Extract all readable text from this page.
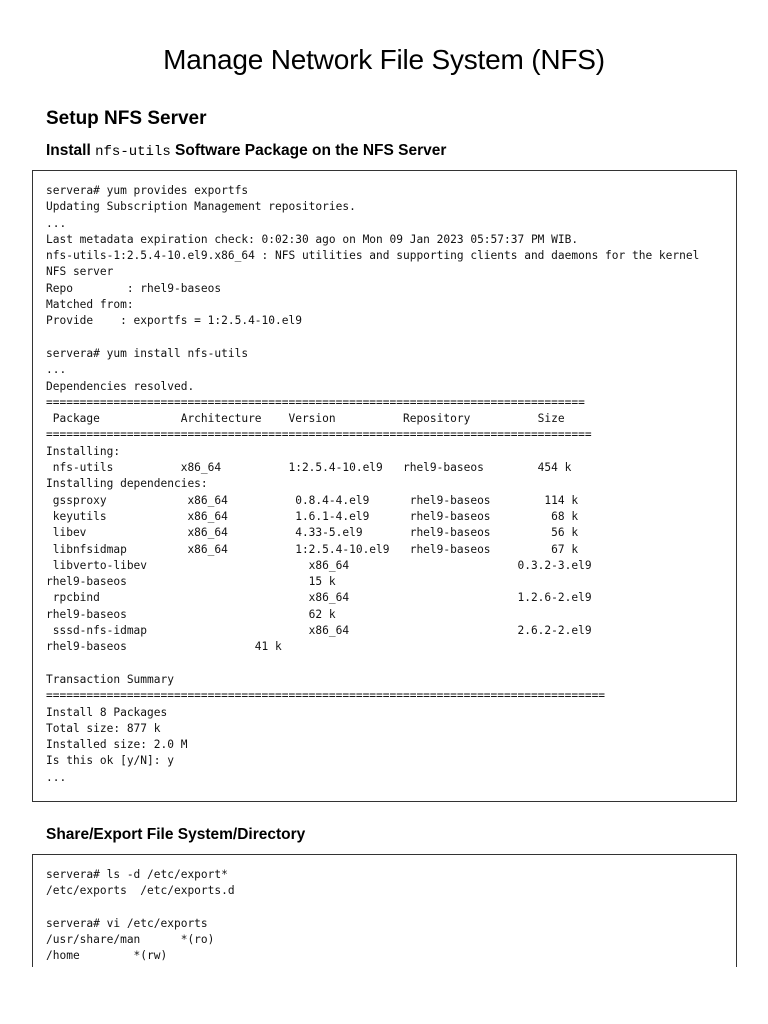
Manage Network File System (NFS)
Setup NFS Server
Install nfs-utils Software Package on the NFS Server
servera# yum provides exportfs
Updating Subscription Management repositories.
...
Last metadata expiration check: 0:02:30 ago on Mon 09 Jan 2023 05:57:37 PM WIB.
nfs-utils-1:2.5.4-10.el9.x86_64 : NFS utilities and supporting clients and daemons for the kernel
NFS server
Repo        : rhel9-baseos
Matched from:
Provide    : exportfs = 1:2.5.4-10.el9

servera# yum install nfs-utils
...
Dependencies resolved.
================================================================================
Package            Architecture    Version          Repository          Size
=================================================================================
Installing:
nfs-utils          x86_64          1:2.5.4-10.el9   rhel9-baseos        454 k
Installing dependencies:
gssproxy            x86_64          0.8.4-4.el9      rhel9-baseos        114 k
keyutils            x86_64          1.6.1-4.el9      rhel9-baseos         68 k
libev               x86_64          4.33-5.el9       rhel9-baseos         56 k
libnfsidmap         x86_64          1:2.5.4-10.el9   rhel9-baseos         67 k
libverto-libev                        x86_64                         0.3.2-3.el9
rhel9-baseos                           15 k
rpcbind                               x86_64                         1.2.6-2.el9
rhel9-baseos                           62 k
sssd-nfs-idmap                        x86_64                         2.6.2-2.el9
rhel9-baseos                   41 k

Transaction Summary
===================================================================================
Install 8 Packages
Total size: 877 k
Installed size: 2.0 M
Is this ok [y/N]: y
...
Share/Export File System/Directory
servera# ls -d /etc/export*
/etc/exports  /etc/exports.d

servera# vi /etc/exports
/usr/share/man      *(ro)
/home        *(rw)
